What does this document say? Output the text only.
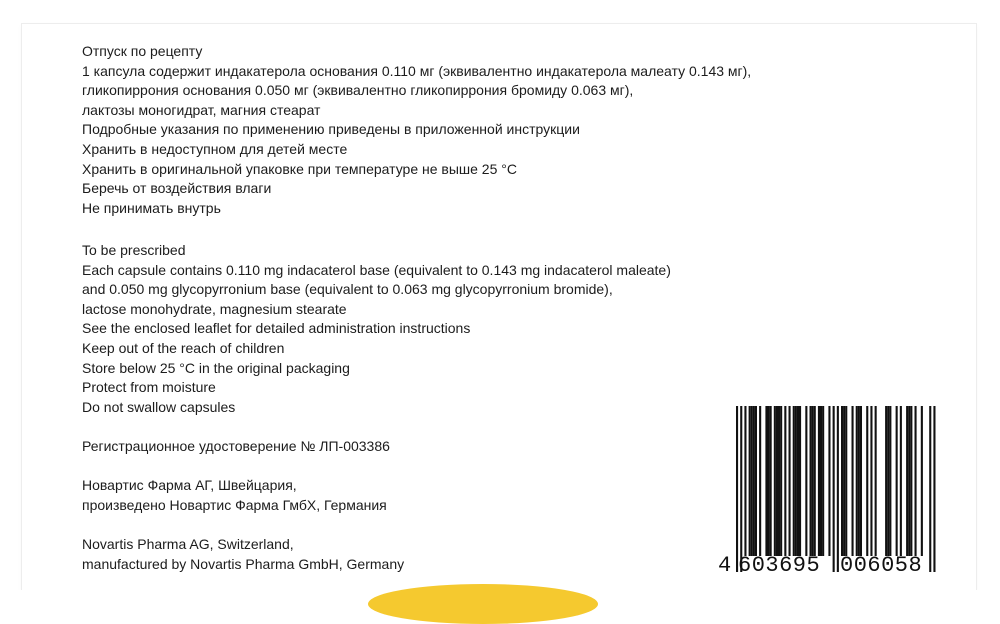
Отпуск по рецепту
1 капсула содержит индакатерола основания 0.110 мг (эквивалентно индакатерола малеату 0.143 мг),
гликопиррония основания 0.050 мг (эквивалентно гликопиррония бромиду 0.063 мг),
лактозы моногидрат, магния стеарат
Подробные указания по применению приведены в приложенной инструкции
Хранить в недоступном для детей месте
Хранить в оригинальной упаковке при температуре не выше 25 °C
Беречь от воздействия влаги
Не принимать внутрь
To be prescribed
Each capsule contains 0.110 mg indacaterol base (equivalent to 0.143 mg indacaterol maleate)
and 0.050 mg glycopyrronium base (equivalent to 0.063 mg glycopyrronium bromide),
lactose monohydrate, magnesium stearate
See the enclosed leaflet for detailed administration instructions
Keep out of the reach of children
Store below 25 °C in the original packaging
Protect from moisture
Do not swallow capsules
Регистрационное удостоверение № ЛП-003386
Новартис Фарма АГ, Швейцария,
произведено Новартис Фарма ГмбХ, Германия
Novartis Pharma AG, Switzerland,
manufactured by Novartis Pharma GmbH, Germany	4 603695 006058
